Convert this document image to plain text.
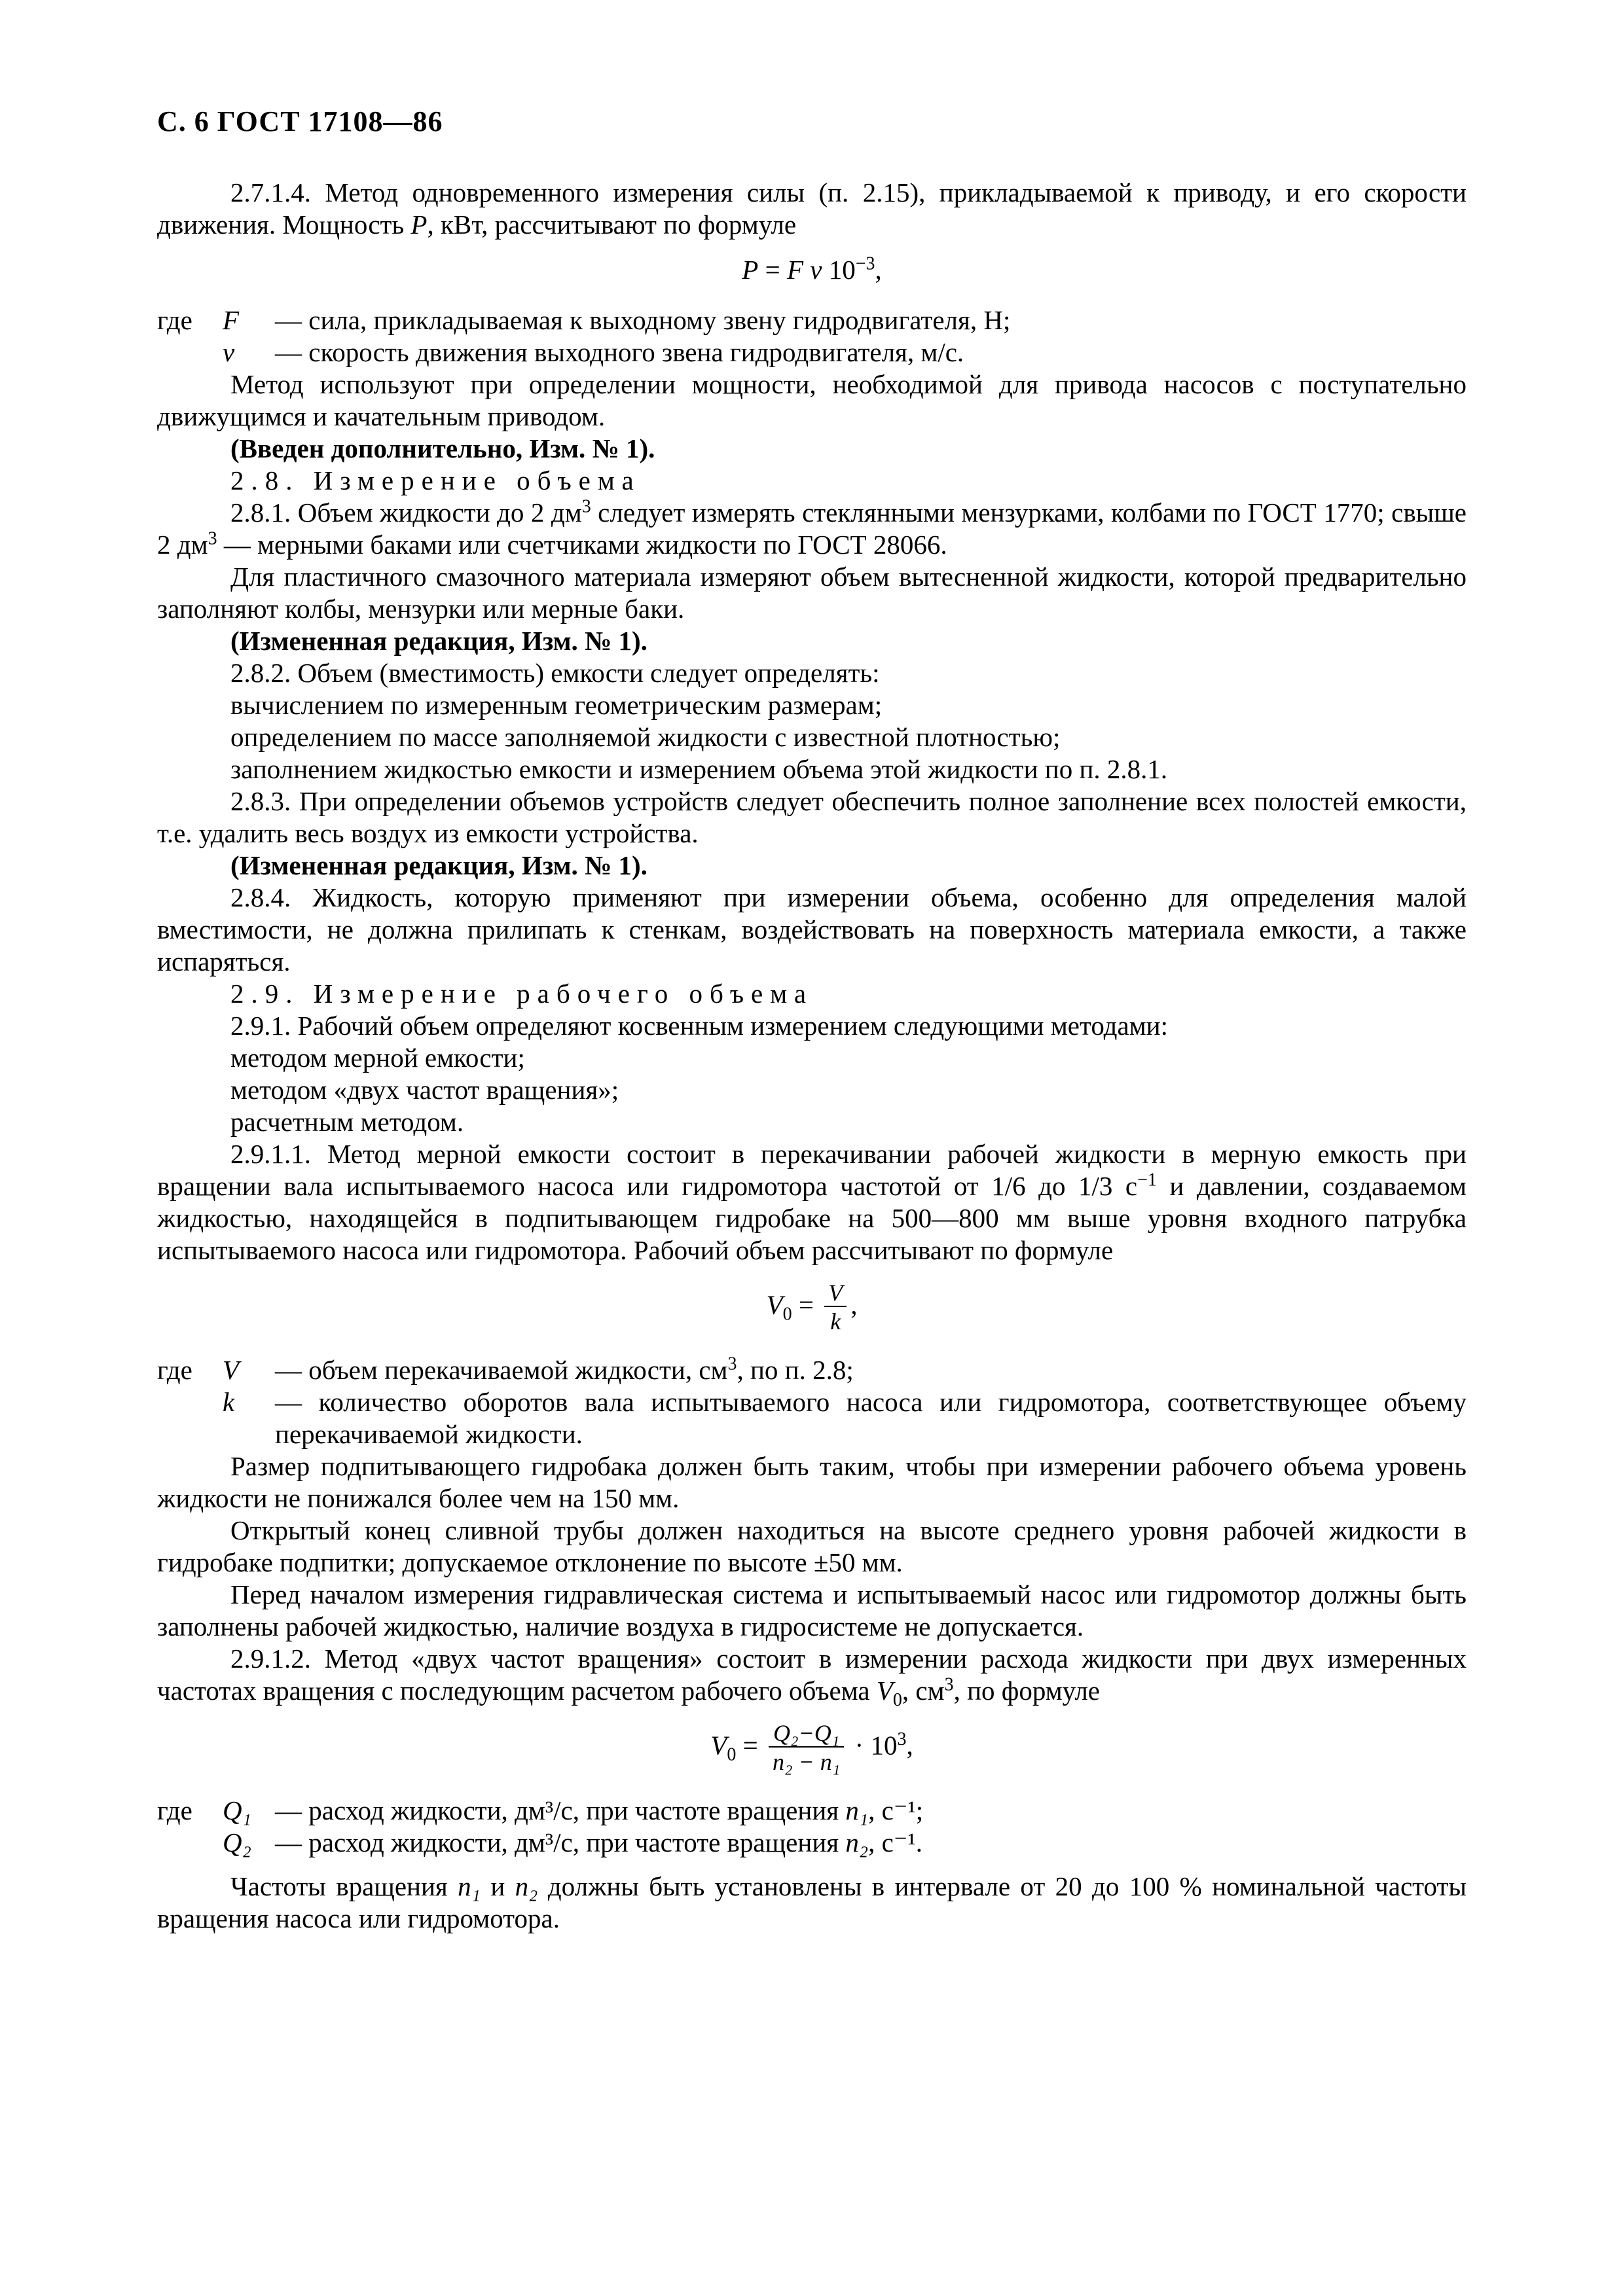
С. 6 ГОСТ 17108—86

2.7.1.4. Метод одновременного измерения силы (п. 2.15), прикладываемой к приводу, и его скорости движения. Мощность P, кВт, рассчитывают по формуле

P = F v $10^{-3}$,
где	F	— сила, прикладываемая к выходному звену гидродвигателя, Н;
v	— скорость движения выходного звена гидродвигателя, м/с.

Метод используют при определении мощности, необходимой для привода насосов с поступательно движущимся и качательным приводом.

(Введен дополнительно, Изм. № 1).

2.8. Измерение объема

2.8.1. Объем жидкости до 2 $дм^3$ следует измерять стеклянными мензурками, колбами по ГОСТ 1770; свыше 2 $дм^3$ — мерными баками или счетчиками жидкости по ГОСТ 28066.

Для пластичного смазочного материала измеряют объем вытесненной жидкости, которой предварительно заполняют колбы, мензурки или мерные баки.

(Измененная редакция, Изм. № 1).

2.8.2. Объем (вместимость) емкости следует определять:

вычислением по измеренным геометрическим размерам;

определением по массе заполняемой жидкости с известной плотностью;

заполнением жидкостью емкости и измерением объема этой жидкости по п. 2.8.1.

2.8.3. При определении объемов устройств следует обеспечить полное заполнение всех полостей емкости, т.е. удалить весь воздух из емкости устройства.

(Измененная редакция, Изм. № 1).

2.8.4. Жидкость, которую применяют при измерении объема, особенно для определения малой вместимости, не должна прилипать к стенкам, воздействовать на поверхность материала емкости, а также испаряться.

2.9. Измерение рабочего объема

2.9.1. Рабочий объем определяют косвенным измерением следующими методами:

методом мерной емкости;

методом «двух частот вращения»;

расчетным методом.

2.9.1.1. Метод мерной емкости состоит в перекачивании рабочей жидкости в мерную емкость при вращении вала испытываемого насоса или гидромотора частотой от 1/6 до 1/3 $с^{-1}$ и давлении, создаваемом жидкостью, находящейся в подпитывающем гидробаке на 500—800 мм выше уровня входного патрубка испытываемого насоса или гидромотора. Рабочий объем рассчитывают по формуле

$V_0 = \frac{V}{k}$ ,
где	V	— объем перекачиваемой жидкости, $см^3$, по п. 2.8;
k	— количество оборотов вала испытываемого насоса или гидромотора, соответствующее объему перекачиваемой жидкости.

Размер подпитывающего гидробака должен быть таким, чтобы при измерении рабочего объема уровень жидкости не понижался более чем на 150 мм.

Открытый конец сливной трубы должен находиться на высоте среднего уровня рабочей жидкости в гидробаке подпитки; допускаемое отклонение по высоте ±50 мм.

Перед началом измерения гидравлическая система и испытываемый насос или гидромотор должны быть заполнены рабочей жидкостью, наличие воздуха в гидросистеме не допускается.

2.9.1.2. Метод «двух частот вращения» состоит в измерении расхода жидкости при двух измеренных частотах вращения с последующим расчетом рабочего объема $V_0$, $см^3$, по формуле

$V_0 = \frac{\text{Q₂−Q₁}}{\text{n₂ − n₁}} \cdot 10^3$,
где	Q₁ — расход жидкости, дм³/с, при частоте вращения n₁, с⁻¹;
Q₂ — расход жидкости, дм³/с, при частоте вращения n₂, с⁻¹.

Частоты вращения n₁ и n₂ должны быть установлены в интервале от 20 до 100 % номинальной частоты вращения насоса или гидромотора.
